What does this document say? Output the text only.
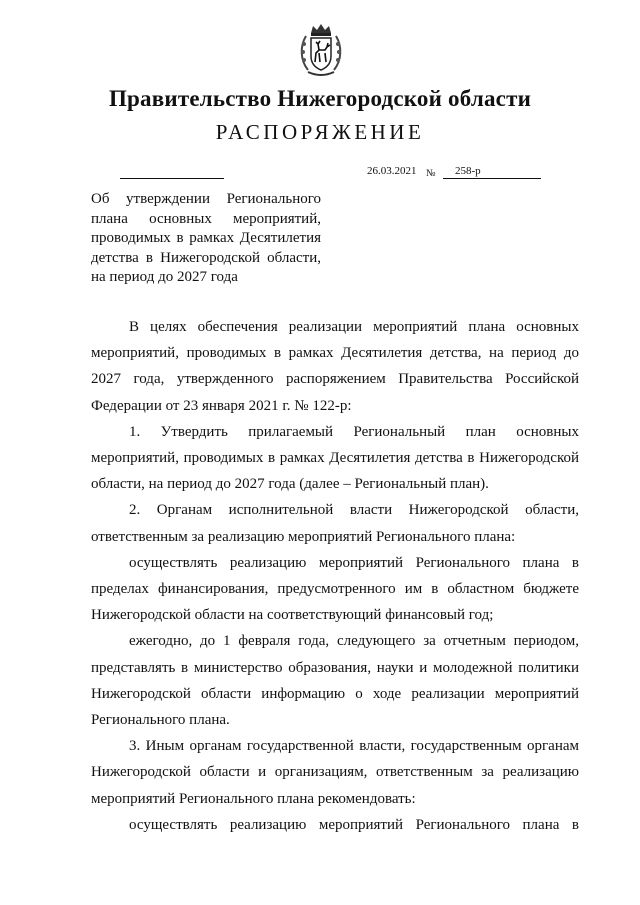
Правительство Нижегородской области
РАСПОРЯЖЕНИЕ
26.03.2021 №	258-р
Об утверждении Регионального
плана основных мероприятий,
проводимых в рамках Десятилетия
детства в Нижегородской области,
на период до 2027 года

В целях обеспечения реализации мероприятий плана основных мероприятий, проводимых в рамках Десятилетия детства, на период до 2027 года, утвержденного распоряжением Правительства Российской Федерации от 23 января 2021 г. № 122-р:

1. Утвердить прилагаемый Региональный план основных мероприятий, проводимых в рамках Десятилетия детства в Нижегородской области, на период до 2027 года (далее – Региональный план).

2. Органам исполнительной власти Нижегородской области, ответственным за реализацию мероприятий Регионального плана:

осуществлять реализацию мероприятий Регионального плана в пределах финансирования, предусмотренного им в областном бюджете Нижегородской области на соответствующий финансовый год;

ежегодно, до 1 февраля года, следующего за отчетным периодом, представлять в министерство образования, науки и молодежной политики Нижегородской области информацию о ходе реализации мероприятий Регионального плана.

3. Иным органам государственной власти, государственным органам Нижегородской области и организациям, ответственным за реализацию мероприятий Регионального плана рекомендовать:

осуществлять реализацию мероприятий Регионального плана в
